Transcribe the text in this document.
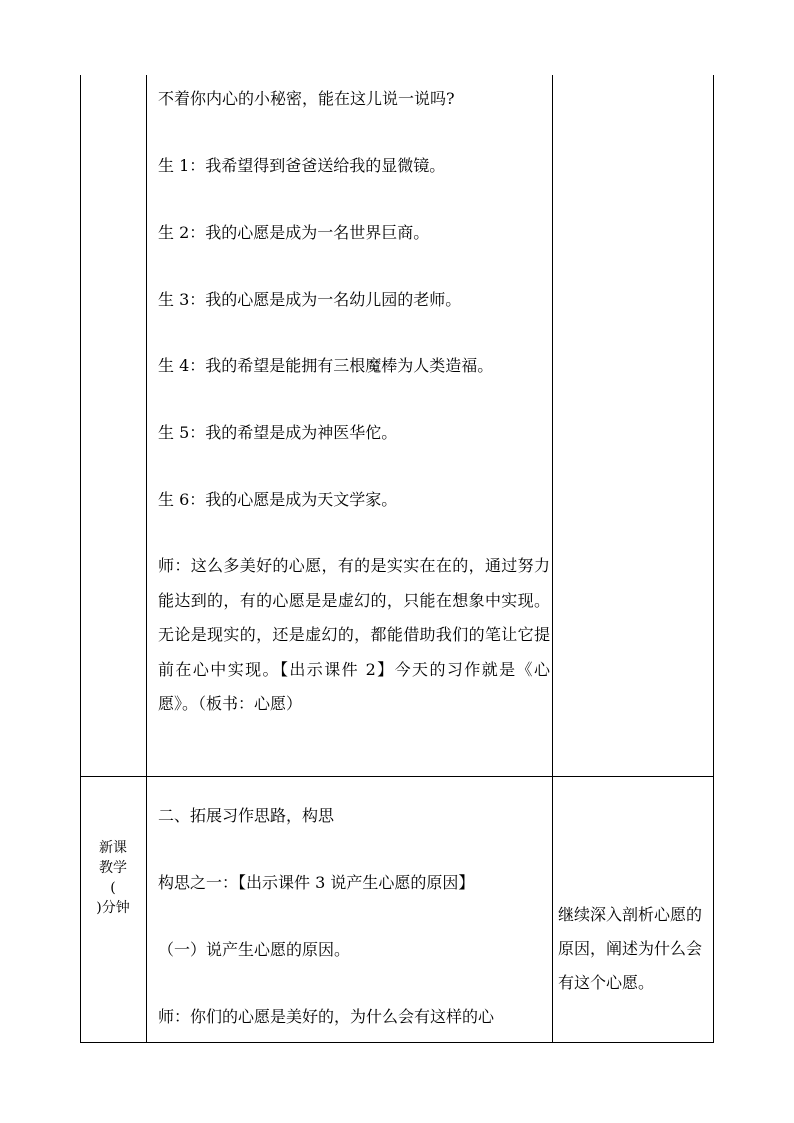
不着你内心的小秘密，能在这儿说一说吗?

生 1：我希望得到爸爸送给我的显微镜。

生 2：我的心愿是成为一名世界巨商。

生 3：我的心愿是成为一名幼儿园的老师。

生 4：我的希望是能拥有三根魔棒为人类造福。

生 5：我的希望是成为神医华佗。

生 6：我的心愿是成为天文学家。

师：这么多美好的心愿，有的是实实在在的，通过努力能达到的，有的心愿是是虚幻的，只能在想象中实现。无论是现实的，还是虚幻的，都能借助我们的笔让它提前在心中实现。【出示课件 2】今天的习作就是《心愿》。（板书：心愿）

二、拓展习作思路，构思

构思之一：【出示课件 3 说产生心愿的原因】

（一）说产生心愿的原因。

师：你们的心愿是美好的，为什么会有这样的心

新课
教学
(
)分钟	继续深入剖析心愿的原因，阐述为什么会有这个心愿。
